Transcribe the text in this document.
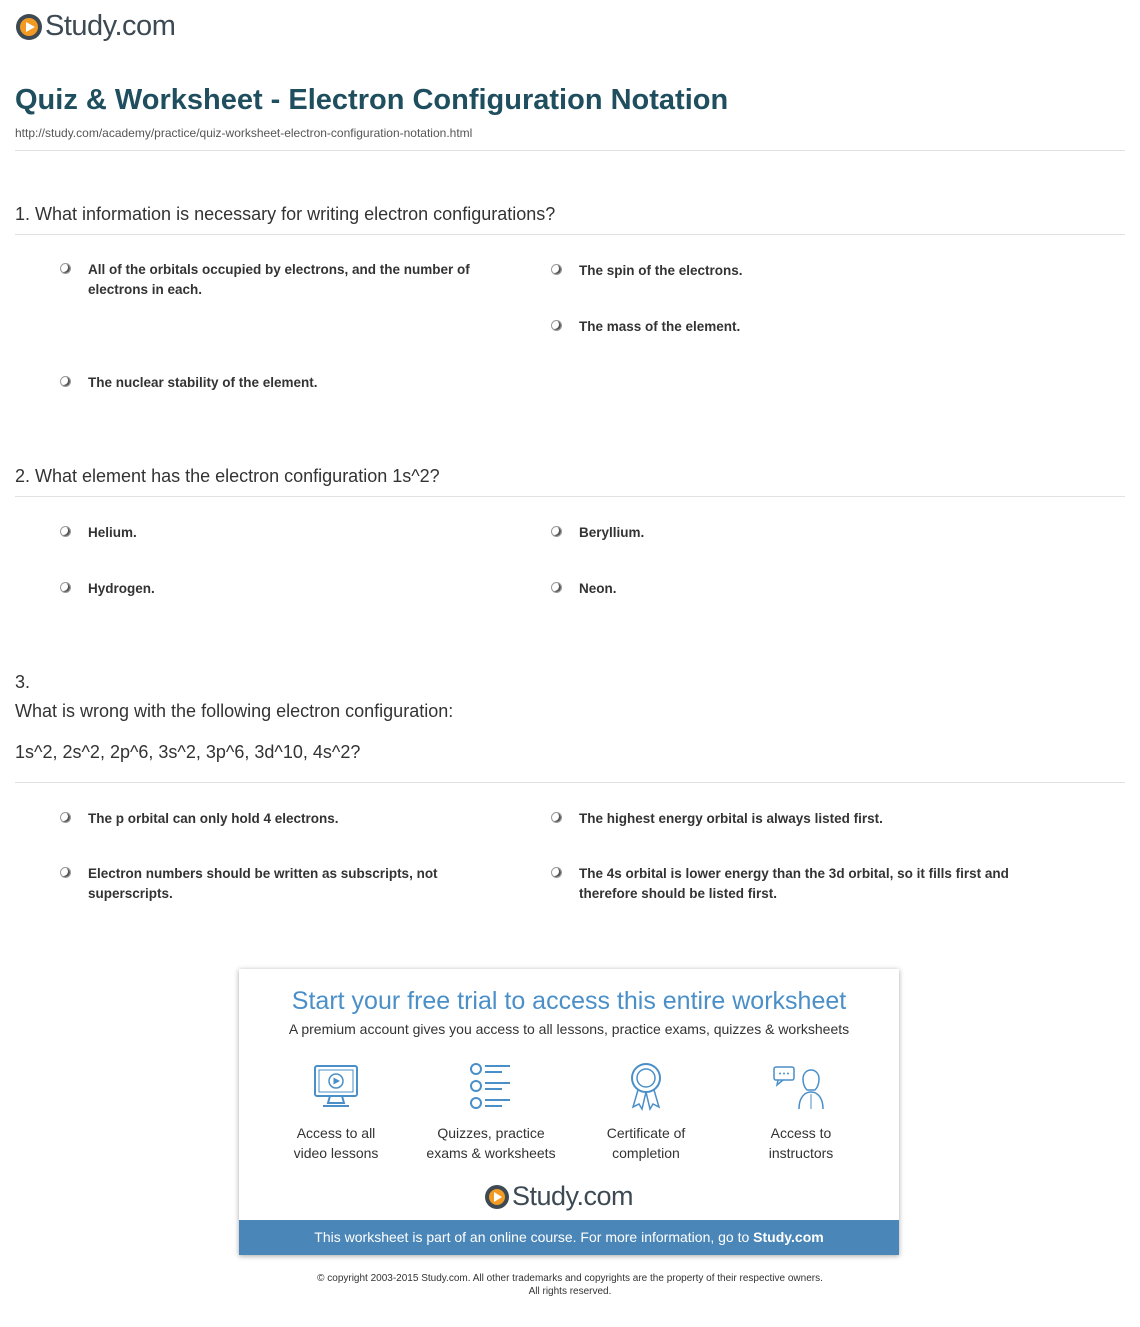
Study.com
Quiz & Worksheet - Electron Configuration Notation
http://study.com/academy/practice/quiz-worksheet-electron-configuration-notation.html
1. What information is necessary for writing electron configurations?
All of the orbitals occupied by electrons, and the number of electrons in each.
The spin of the electrons.
The mass of the element.
The nuclear stability of the element.
2. What element has the electron configuration 1s^2?
Helium.	Beryllium.
Hydrogen.	Neon.
3.
What is wrong with the following electron configuration:
1s^2, 2s^2, 2p^6, 3s^2, 3p^6, 3d^10, 4s^2?
The p orbital can only hold 4 electrons.	The highest energy orbital is always listed first.
Electron numbers should be written as subscripts, not superscripts.
The 4s orbital is lower energy than the 3d orbital, so it fills first and therefore should be listed first.
Start your free trial to access this entire worksheet
A premium account gives you access to all lessons, practice exams, quizzes & worksheets
Access to all
video lessons
Quizzes, practice
exams & worksheets
Certificate of
completion
Access to
instructors
Study.com
This worksheet is part of an online course. For more information, go to Study.com
© copyright 2003-2015 Study.com. All other trademarks and copyrights are the property of their respective owners.
All rights reserved.
